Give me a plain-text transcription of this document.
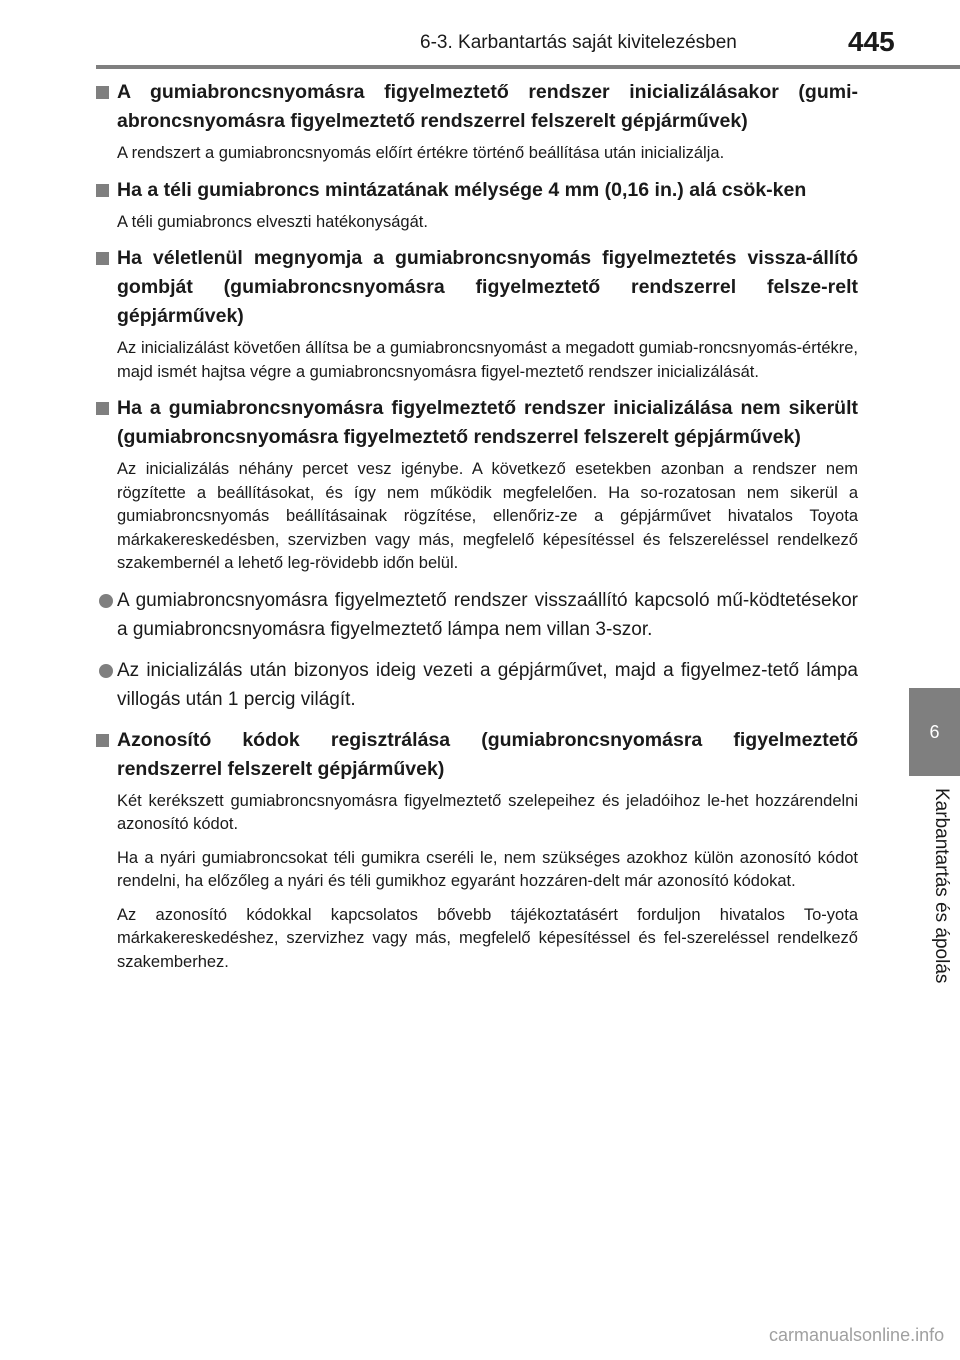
6-3. Karbantartás saját kivitelezésben	445
6
Karbantartás és ápolás
A gumiabroncsnyomásra figyelmeztető rendszer inicializálásakor (gumi-abroncsnyomásra figyelmeztető rendszerrel felszerelt gépjárművek)
A rendszert a gumiabroncsnyomás előírt értékre történő beállítása után inicializálja.
Ha a téli gumiabroncs mintázatának mélysége 4 mm (0,16 in.) alá csök-ken
A téli gumiabroncs elveszti hatékonyságát.
Ha véletlenül megnyomja a gumiabroncsnyomás figyelmeztetés vissza-állító gombját (gumiabroncsnyomásra figyelmeztető rendszerrel felsze-relt gépjárművek)
Az inicializálást követően állítsa be a gumiabroncsnyomást a megadott gumiab-roncsnyomás-értékre, majd ismét hajtsa végre a gumiabroncsnyomásra figyel-meztető rendszer inicializálását.
Ha a gumiabroncsnyomásra figyelmeztető rendszer inicializálása nem sikerült (gumiabroncsnyomásra figyelmeztető rendszerrel felszerelt gépjárművek)
Az inicializálás néhány percet vesz igénybe. A következő esetekben azonban a rendszer nem rögzítette a beállításokat, és így nem működik megfelelően. Ha so-rozatosan nem sikerül a gumiabroncsnyomás beállításainak rögzítése, ellenőriz-ze a gépjárművet hivatalos Toyota márkakereskedésben, szervizben vagy más, megfelelő képesítéssel és felszereléssel rendelkező szakembernél a lehető leg-rövidebb időn belül.
A gumiabroncsnyomásra figyelmeztető rendszer visszaállító kapcsoló mű-ködtetésekor a gumiabroncsnyomásra figyelmeztető lámpa nem villan 3-szor.
Az inicializálás után bizonyos ideig vezeti a gépjárművet, majd a figyelmez-tető lámpa villogás után 1 percig világít.
Azonosító kódok regisztrálása (gumiabroncsnyomásra figyelmeztető rendszerrel felszerelt gépjárművek)
Két kerékszett gumiabroncsnyomásra figyelmeztető szelepeihez és jeladóihoz le-het hozzárendelni azonosító kódot.
Ha a nyári gumiabroncsokat téli gumikra cseréli le, nem szükséges azokhoz külön azonosító kódot rendelni, ha előzőleg a nyári és téli gumikhoz egyaránt hozzáren-delt már azonosító kódokat.
Az azonosító kódokkal kapcsolatos bővebb tájékoztatásért forduljon hivatalos To-yota márkakereskedéshez, szervizhez vagy más, megfelelő képesítéssel és fel-szereléssel rendelkező szakemberhez.
carmanualsonline.info
